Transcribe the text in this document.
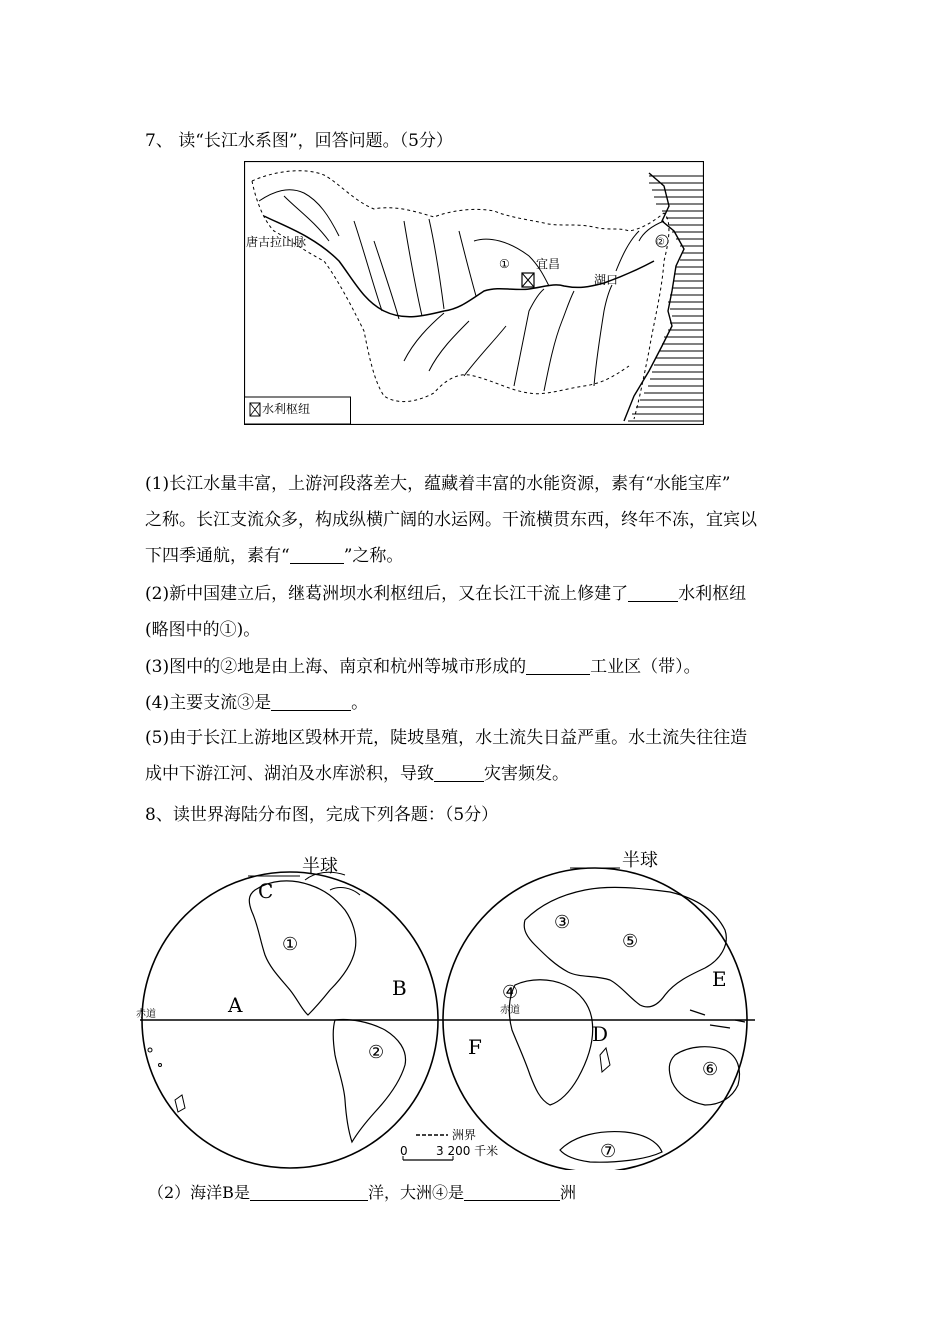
7、 读“长江水系图”，回答问题。（5分）
唐古拉山脉
① 宜昌
②
湖口
水利枢纽
(1)长江水量丰富，上游河段落差大，蕴藏着丰富的水能资源，素有“水能宝库”
之称。长江支流众多，构成纵横广阔的水运网。干流横贯东西，终年不冻，宜宾以
下四季通航，素有“	”之称。
(2)新中国建立后，继葛洲坝水利枢纽后，又在长江干流上修建了	水利枢纽
(略图中的①)。
(3)图中的②地是由上海、南京和杭州等城市形成的	工业区（带）。
(4)主要支流③是	。
(5)由于长江上游地区毁林开荒，陡坡垦殖，水土流失日益严重。水土流失往往造
成中下游江河、湖泊及水库淤积，导致	灾害频发。
8、读世界海陆分布图，完成下列各题：（5分）
半球	半球
赤道	赤道
C
A
B
D
E
F
①
②
③
④
⑤
⑥
⑦
洲界
0 3 200 千米
（2）海洋B是	洋，大洲④是	洲
